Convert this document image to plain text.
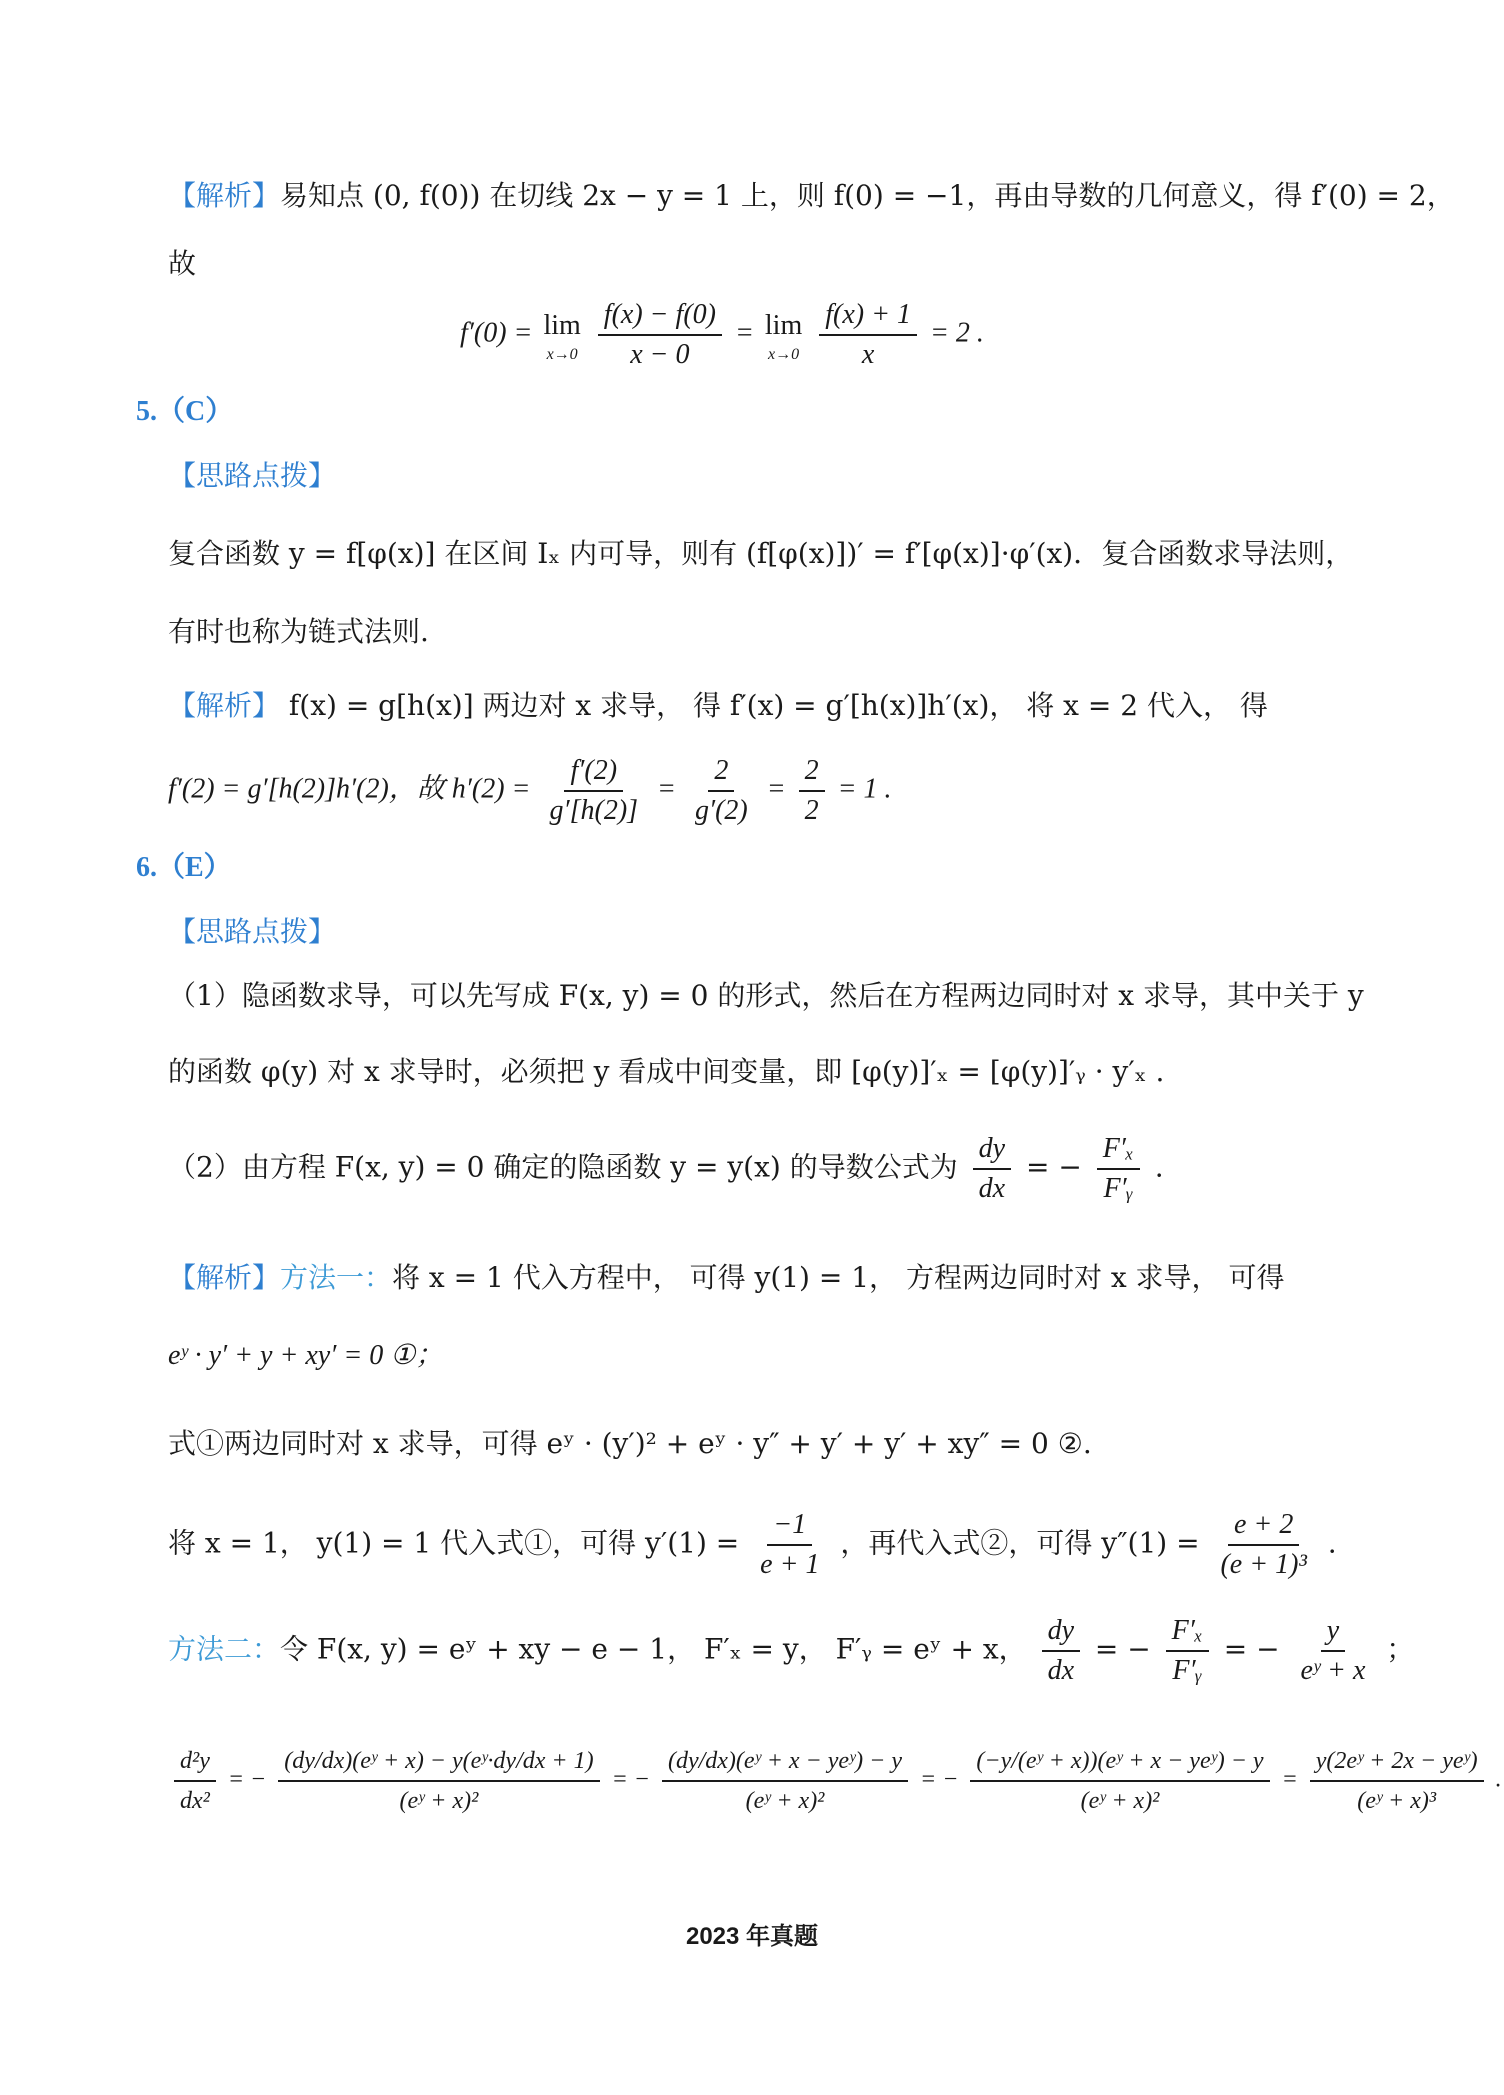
【解析】易知点 (0, f(0)) 在切线 2x − y = 1 上，则 f(0) = −1，再由导数的几何意义，得 f′(0) = 2，
故
f′(0) = lim
x→0
$\frac{f(x) - f(0)}{x - 0} = \lim$
x→0
$\frac{f(x) + 1}{x} = 2$ .
5.（C）
【思路点拨】
复合函数 y = f[φ(x)] 在区间 Iₓ 内可导，则有 (f[φ(x)])′ = f′[φ(x)]·φ′(x)．复合函数求导法则，
有时也称为链式法则.
【解析】 f(x) = g[h(x)] 两边对 x 求导， 得 f′(x) = g′[h(x)]h′(x)， 将 x = 2 代入， 得
f′(2) = g′[h(2)]h′(2)，故 $h'(2) = \frac{f'(2)}{g'[h(2)]} = \frac{2}{g'(2)} = \frac{2}{2} = 1$ .
6.（E）
【思路点拨】
（1）隐函数求导，可以先写成 F(x, y) = 0 的形式，然后在方程两边同时对 x 求导，其中关于 y
的函数 φ(y) 对 x 求导时，必须把 y 看成中间变量，即 [φ(y)]′ₓ = [φ(y)]′ᵧ · y′ₓ .
（2）由方程 F(x, y) = 0 确定的隐函数 y = y(x) 的导数公式为 $\frac{dy}{dx}$ = − $\frac{\text{F′ₓ}}{\text{F′ᵧ}}$ .
【解析】方法一：将 x = 1 代入方程中， 可得 y(1) = 1， 方程两边同时对 x 求导， 可得
eʸ · y′ + y + xy′ = 0 ①；
式①两边同时对 x 求导，可得 eʸ · (y′)² + eʸ · y″ + y′ + y′ + xy″ = 0 ②.
将 x = 1， y(1) = 1 代入式①，可得 $y'(1) = \frac{-1}{e + 1}$ ，再代入式②，可得 $y''(1) = \frac{e + 2}{\text{(e + 1)³}}$ .
方法二：令 F(x, y) = eʸ + xy − e − 1， F′ₓ = y， F′ᵧ = eʸ + x， $\frac{dy}{dx}$ = − $\frac{\text{F′ₓ}}{\text{F′ᵧ}}$ = − $\frac{y}{\text{eʸ + x}}$ ；
$\frac{\text{d²y}}{\text{dx²}}$ = − $\frac{\text{(dy/dx)(eʸ + x) − y(eʸ·dy/dx + 1)}}{\text{(eʸ + x)²}}$ = − $\frac{\text{(dy/dx)(eʸ + x − yeʸ) − y}}{\text{(eʸ + x)²}}$ = − $\frac{\text{(−y/(eʸ + x))(eʸ + x − yeʸ) − y}}{\text{(eʸ + x)²}} = \frac{\text{y(2eʸ + 2x − yeʸ)}}{\text{(eʸ + x)³}}$ .
2023 年真题
